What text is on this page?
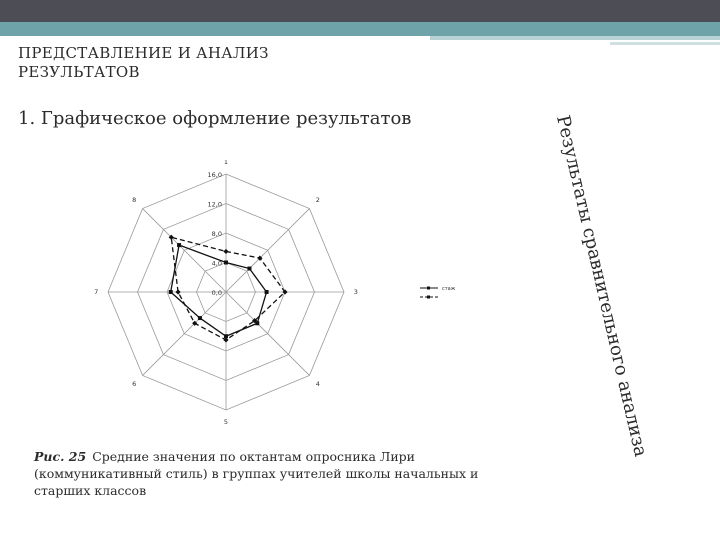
ПРЕДСТАВЛЕНИЕ И АНАЛИЗ
РЕЗУЛЬТАТОВ
1. Графическое оформление результатов	Результаты сравнительного анализа
0,0
4,0
8,0
12,0
16,0
1
2
3
4
5
6
7
8
стаж
Рис. 25 Средние значения по октантам опросника Лири (коммуникативный стиль) в группах учителей школы начальных и старших классов
